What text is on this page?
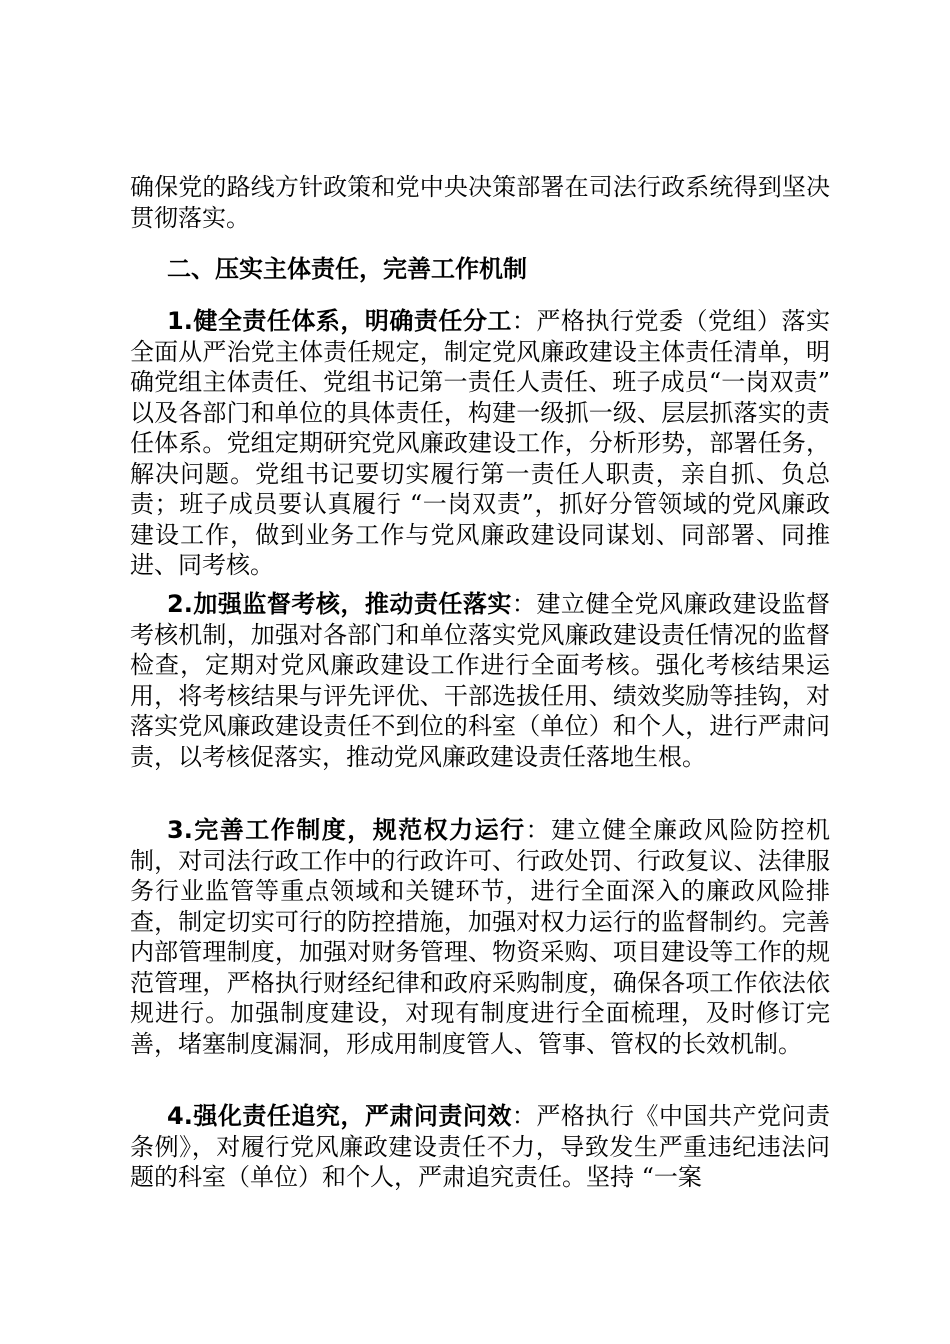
确保党的路线方针政策和党中央决策部署在司法行政系统得到坚决贯彻落实。

二、压实主体责任，完善工作机制

1.健全责任体系，明确责任分工：严格执行党委（党组）落实全面从严治党主体责任规定，制定党风廉政建设主体责任清单，明确党组主体责任、党组书记第一责任人责任、班子成员“一岗双责” 以及各部门和单位的具体责任，构建一级抓一级、层层抓落实的责任体系。党组定期研究党风廉政建设工作，分析形势，部署任务，解决问题。党组书记要切实履行第一责任人职责，亲自抓、负总责；班子成员要认真履行 “一岗双责”，抓好分管领域的党风廉政建设工作，做到业务工作与党风廉政建设同谋划、同部署、同推进、同考核。

2.加强监督考核，推动责任落实：建立健全党风廉政建设监督考核机制，加强对各部门和单位落实党风廉政建设责任情况的监督检查，定期对党风廉政建设工作进行全面考核。强化考核结果运用，将考核结果与评先评优、干部选拔任用、绩效奖励等挂钩，对落实党风廉政建设责任不到位的科室（单位）和个人，进行严肃问责，以考核促落实，推动党风廉政建设责任落地生根。

3.完善工作制度，规范权力运行：建立健全廉政风险防控机制，对司法行政工作中的行政许可、行政处罚、行政复议、法律服务行业监管等重点领域和关键环节，进行全面深入的廉政风险排查，制定切实可行的防控措施，加强对权力运行的监督制约。完善内部管理制度，加强对财务管理、物资采购、项目建设等工作的规范管理，严格执行财经纪律和政府采购制度，确保各项工作依法依规进行。加强制度建设，对现有制度进行全面梳理，及时修订完善，堵塞制度漏洞，形成用制度管人、管事、管权的长效机制。

4.强化责任追究，严肃问责问效：严格执行《中国共产党问责条例》，对履行党风廉政建设责任不力，导致发生严重违纪违法问题的科室（单位）和个人，严肃追究责任。坚持 “一案
